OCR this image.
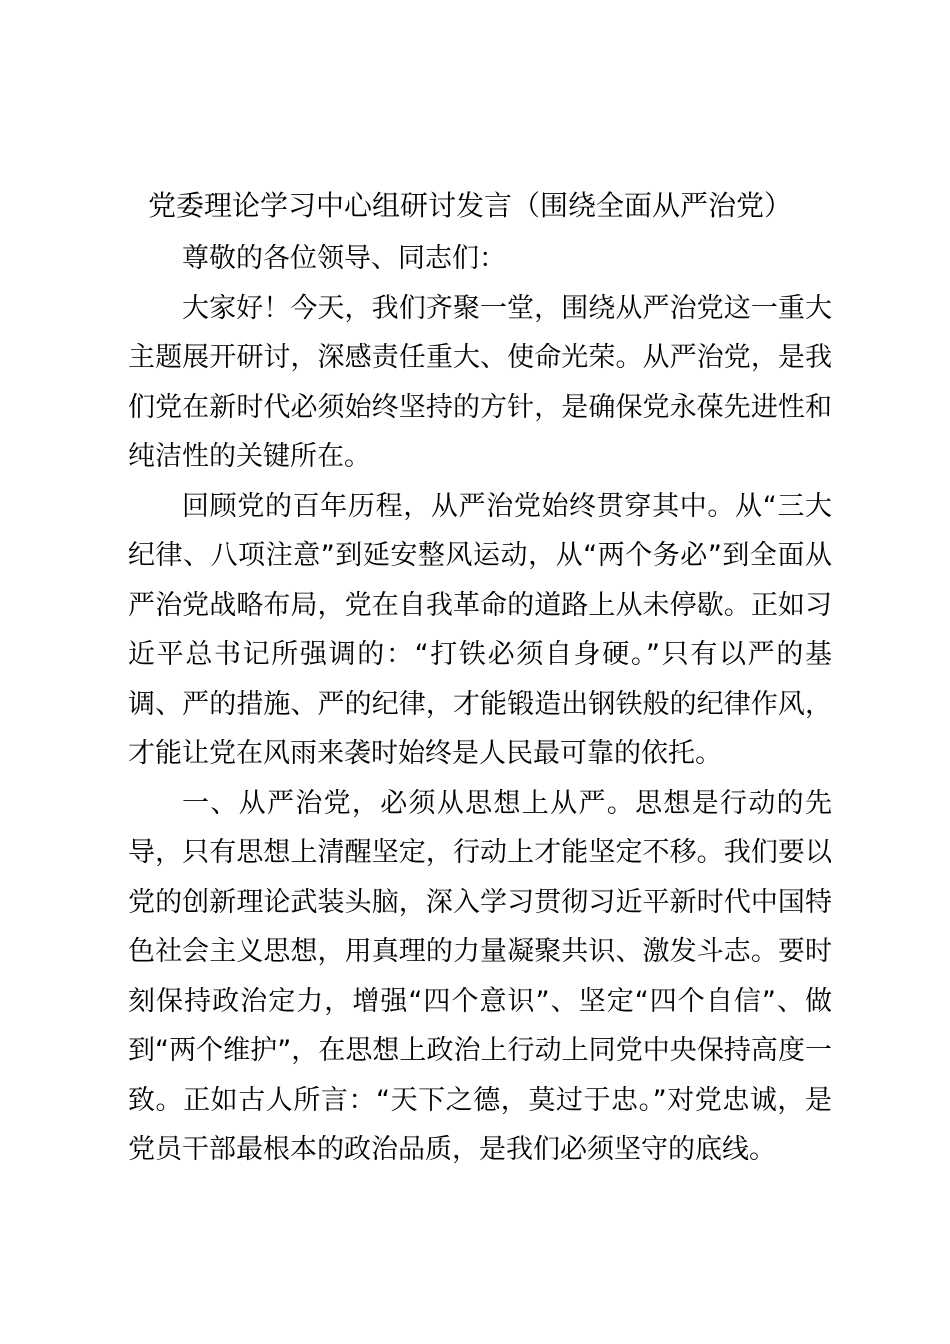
党委理论学习中心组研讨发言（围绕全面从严治党）

尊敬的各位领导、同志们：

大家好！今天，我们齐聚一堂，围绕从严治党这一重大主题展开研讨，深感责任重大、使命光荣。从严治党，是我们党在新时代必须始终坚持的方针，是确保党永葆先进性和纯洁性的关键所在。

回顾党的百年历程，从严治党始终贯穿其中。从“三大纪律、八项注意”到延安整风运动，从“两个务必”到全面从严治党战略布局，党在自我革命的道路上从未停歇。正如习近平总书记所强调的：“打铁必须自身硬。”只有以严的基调、严的措施、严的纪律，才能锻造出钢铁般的纪律作风，才能让党在风雨来袭时始终是人民最可靠的依托。

一、从严治党，必须从思想上从严。思想是行动的先导，只有思想上清醒坚定，行动上才能坚定不移。我们要以党的创新理论武装头脑，深入学习贯彻习近平新时代中国特色社会主义思想，用真理的力量凝聚共识、激发斗志。要时刻保持政治定力，增强“四个意识”、坚定“四个自信”、做到“两个维护”，在思想上政治上行动上同党中央保持高度一致。正如古人所言：“天下之德，莫过于忠。”对党忠诚，是党员干部最根本的政治品质，是我们必须坚守的底线。
